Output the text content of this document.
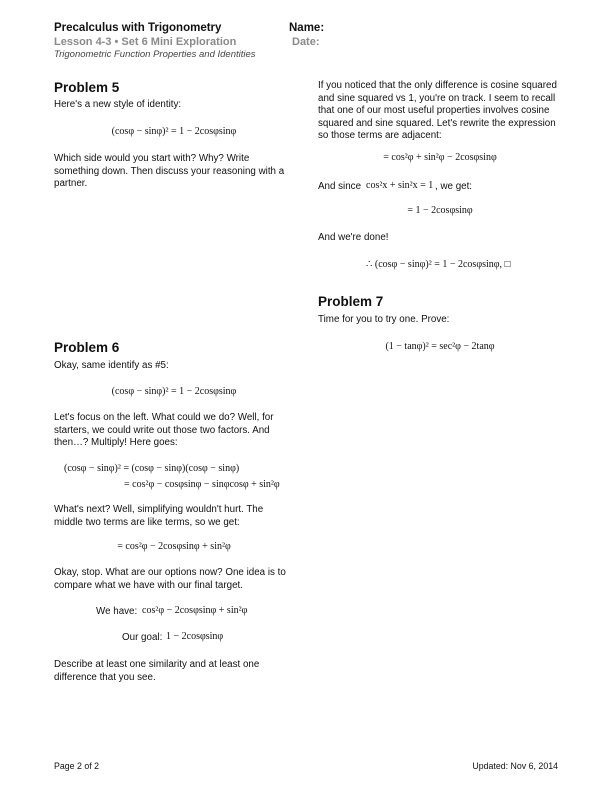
Precalculus with Trigonometry
Lesson 4-3 • Set 6 Mini Exploration
Trigonometric Function Properties and Identities
Name:
Date:
Problem 5
Here's a new style of identity:
(cosφ − sinφ)² = 1 − 2cosφsinφ
Which side would you start with? Why? Write something down. Then discuss your reasoning with a partner.
Problem 6
Okay, same identify as #5:
(cosφ − sinφ)² = 1 − 2cosφsinφ
Let's focus on the left. What could we do? Well, for starters, we could write out those two factors. And then…? Multiply! Here goes:
(cosφ − sinφ)² = (cosφ − sinφ)(cosφ − sinφ)
= cos²φ − cosφsinφ − sinφcosφ + sin²φ
What's next? Well, simplifying wouldn't hurt. The middle two terms are like terms, so we get:
= cos²φ − 2cosφsinφ + sin²φ
Okay, stop. What are our options now? One idea is to compare what we have with our final target.
We have: cos²φ − 2cosφsinφ + sin²φ
Our goal: 1 − 2cosφsinφ
Describe at least one similarity and at least one difference that you see.
If you noticed that the only difference is cosine squared and sine squared vs 1, you're on track. I seem to recall that one of our most useful properties involves cosine squared and sine squared. Let's rewrite the expression so those terms are adjacent:
= cos²φ + sin²φ − 2cosφsinφ
And since cos²x + sin²x = 1 , we get:
= 1 − 2cosφsinφ
And we're done!
∴ (cosφ − sinφ)² = 1 − 2cosφsinφ, □
Problem 7
Time for you to try one. Prove:
(1 − tanφ)² = sec²φ − 2tanφ
Page 2 of 2	Updated: Nov 6, 2014
